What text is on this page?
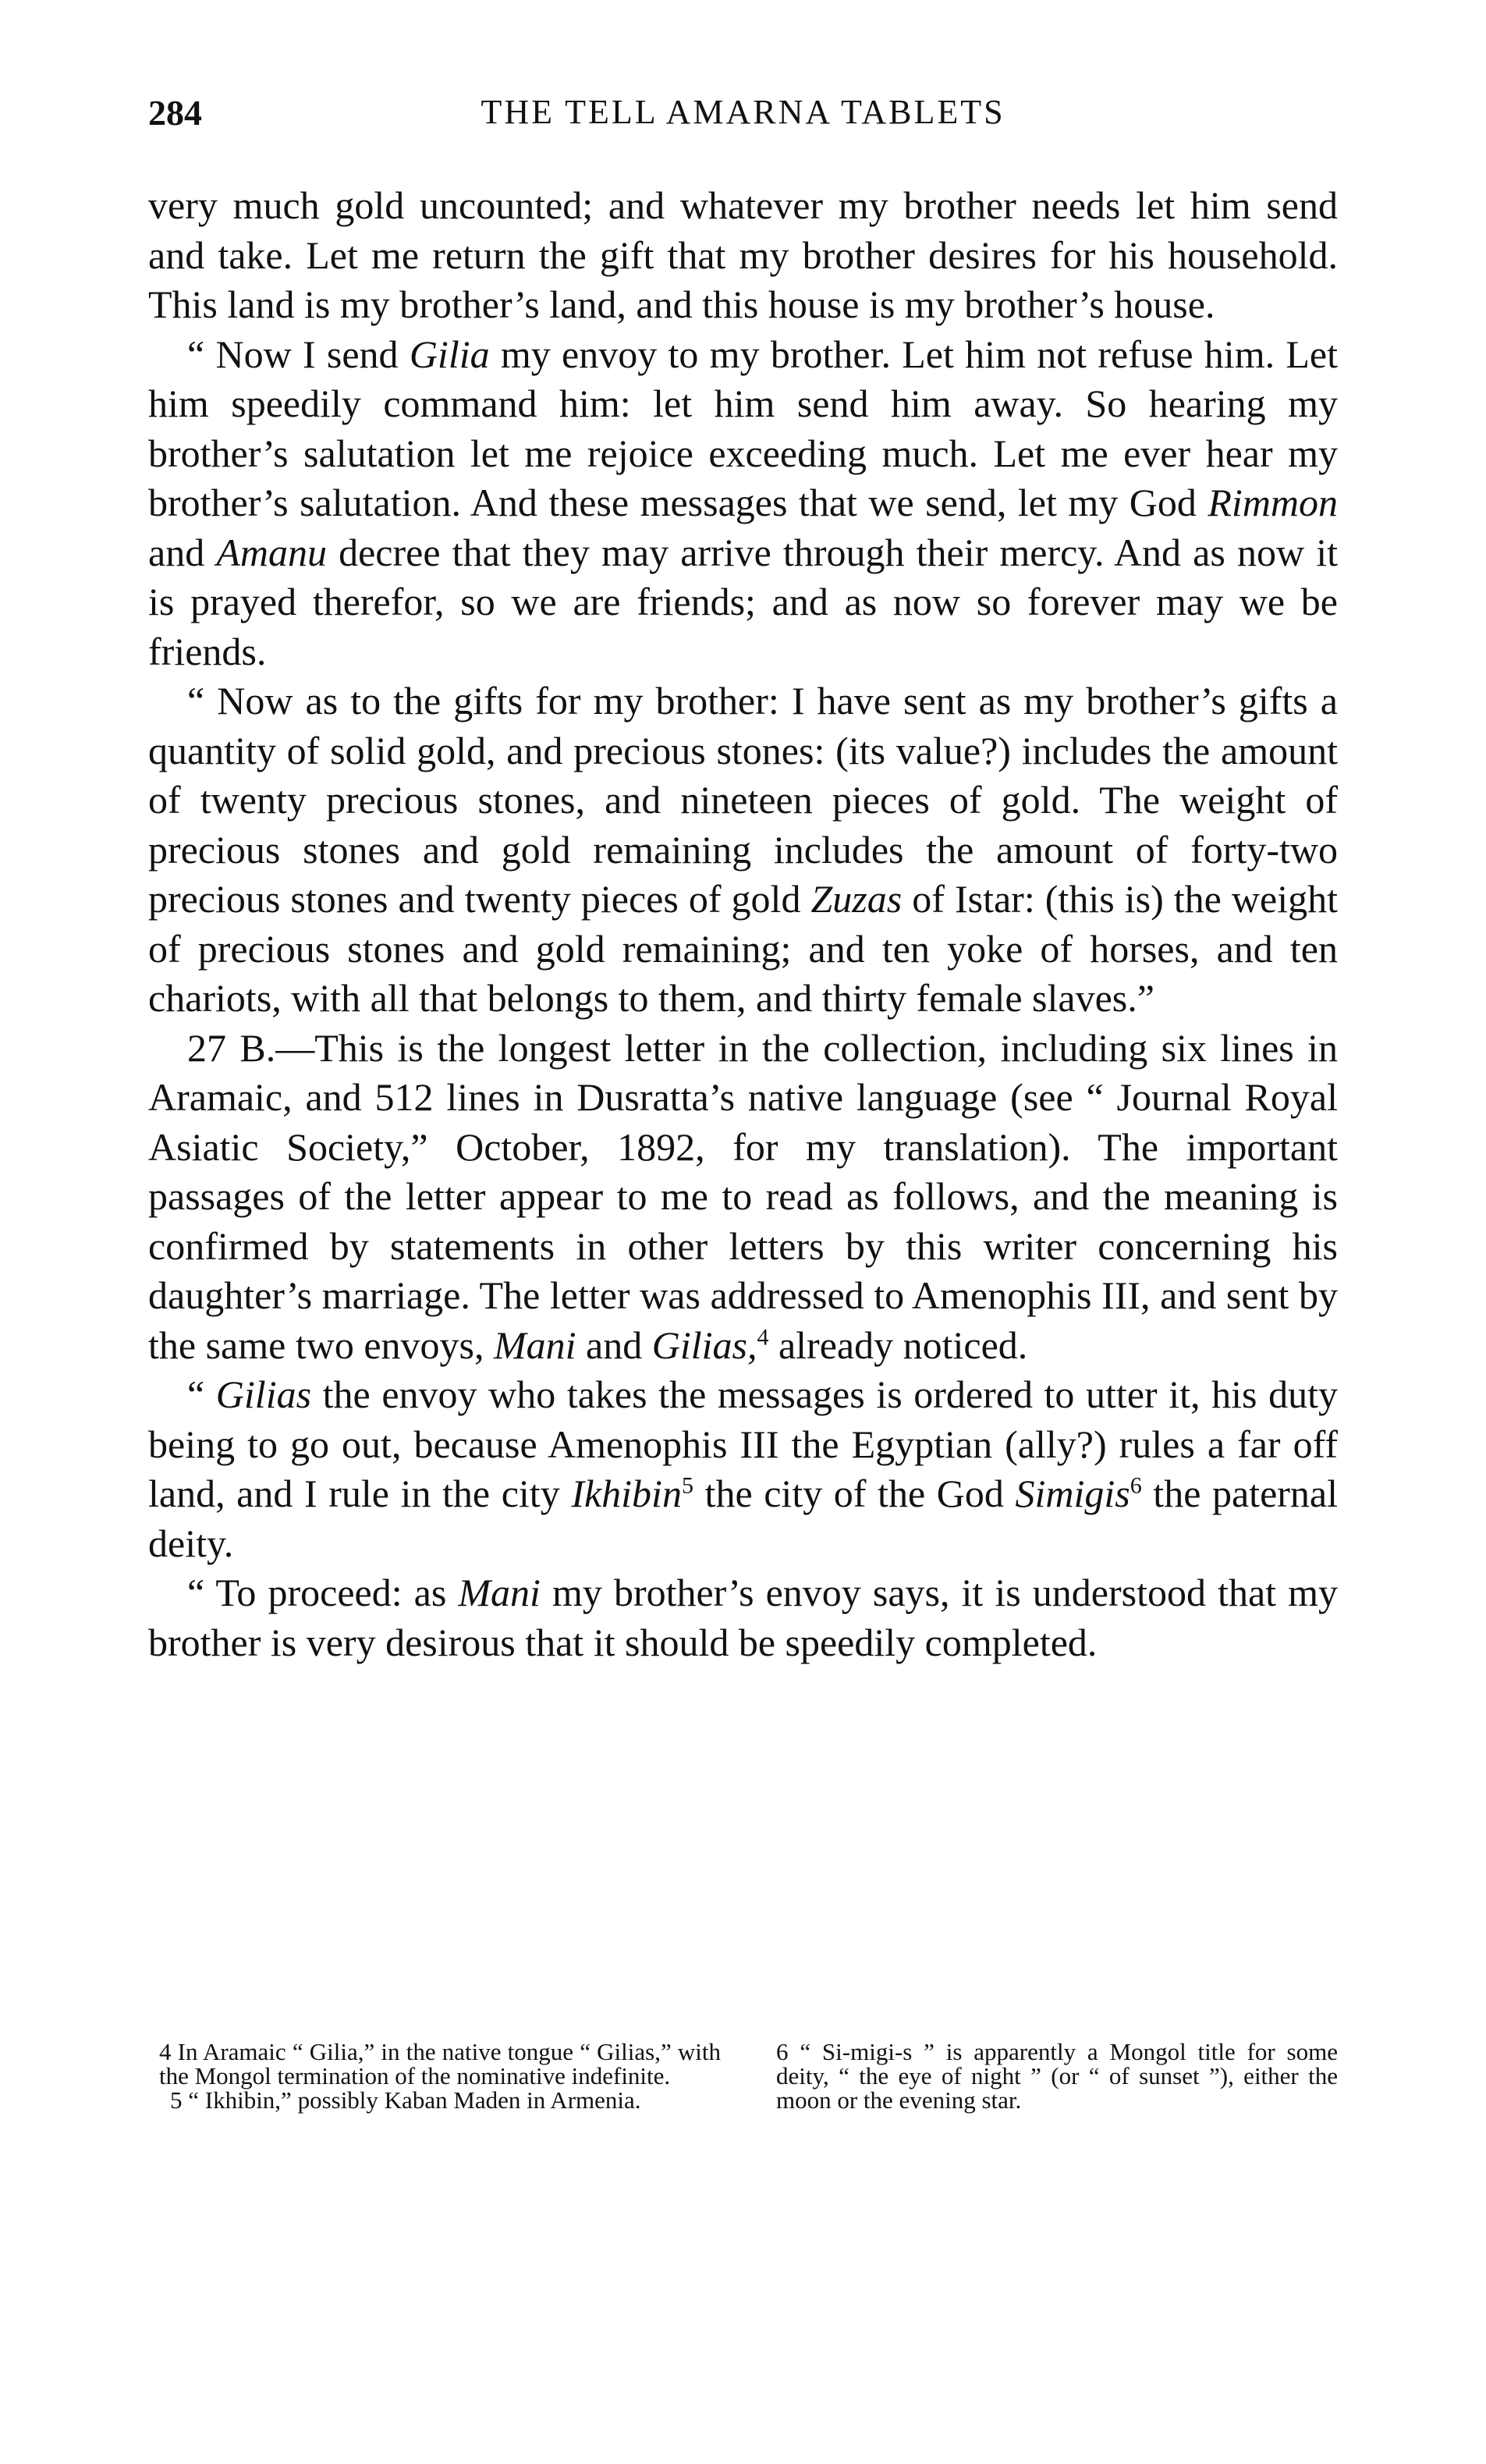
284	THE TELL AMARNA TABLETS

very much gold uncounted; and whatever my brother needs let him send and take. Let me return the gift that my brother desires for his household. This land is my brother’s land, and this house is my brother’s house.

“ Now I send Gilia my envoy to my brother. Let him not refuse him. Let him speedily command him: let him send him away. So hearing my brother’s salutation let me rejoice exceeding much. Let me ever hear my brother’s salutation. And these messages that we send, let my God Rimmon and Amanu decree that they may arrive through their mercy. And as now it is prayed therefor, so we are friends; and as now so forever may we be friends.

“ Now as to the gifts for my brother: I have sent as my brother’s gifts a quantity of solid gold, and precious stones: (its value?) includes the amount of twenty precious stones, and nineteen pieces of gold. The weight of precious stones and gold remaining includes the amount of forty-two precious stones and twenty pieces of gold Zuzas of Istar: (this is) the weight of precious stones and gold remaining; and ten yoke of horses, and ten chariots, with all that belongs to them, and thirty female slaves.”

27 B.—This is the longest letter in the collection, including six lines in Aramaic, and 512 lines in Dusratta’s native language (see “ Journal Royal Asiatic Society,” October, 1892, for my translation). The important passages of the letter appear to me to read as follows, and the meaning is confirmed by statements in other letters by this writer concerning his daughter’s marriage. The letter was addressed to Amenophis III, and sent by the same two envoys, Mani and Gilias,$^4$ already noticed.

“ Gilias the envoy who takes the messages is ordered to utter it, his duty being to go out, because Amenophis III the Egyptian (ally?) rules a far off land, and I rule in the city Ikhibin$^5$ the city of the God Simigis$^6$ the paternal deity.

“ To proceed: as Mani my brother’s envoy says, it is understood that my brother is very desirous that it should be speedily completed.

4 In Aramaic “ Gilia,” in the native tongue “ Gilias,” with the Mongol termination of the nominative indefinite.

5 “ Ikhibin,” possibly Kaban Maden in Armenia.

6 “ Si-migi-s ” is apparently a Mongol title for some deity, “ the eye of night ” (or “ of sunset ”), either the moon or the evening star.
